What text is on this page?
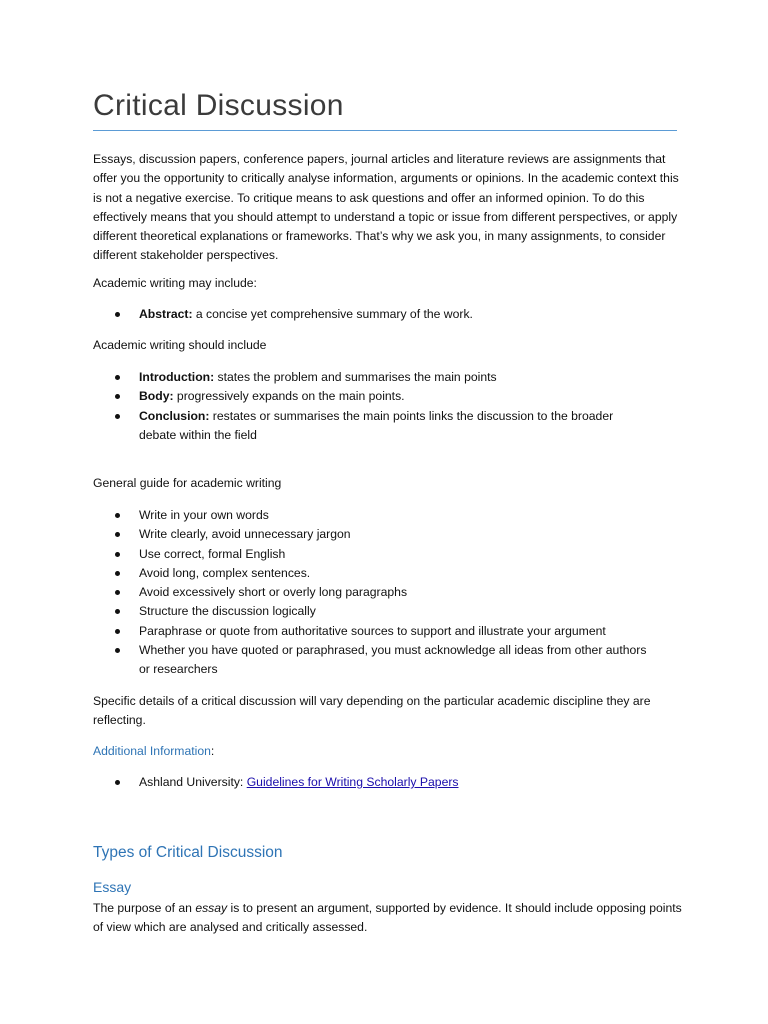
Critical Discussion

Essays, discussion papers, conference papers, journal articles and literature reviews are assignments that offer you the opportunity to critically analyse information, arguments or opinions. In the academic context this is not a negative exercise. To critique means to ask questions and offer an informed opinion. To do this effectively means that you should attempt to understand a topic or issue from different perspectives, or apply different theoretical explanations or frameworks. That’s why we ask you, in many assignments, to consider different stakeholder perspectives.

Academic writing may include:

Abstract: a concise yet comprehensive summary of the work.

Academic writing should include

Introduction: states the problem and summarises the main points
Body: progressively expands on the main points.
Conclusion: restates or summarises the main points links the discussion to the broader debate within the field

General guide for academic writing

Write in your own words
Write clearly, avoid unnecessary jargon
Use correct, formal English
Avoid long, complex sentences.
Avoid excessively short or overly long paragraphs
Structure the discussion logically
Paraphrase or quote from authoritative sources to support and illustrate your argument
Whether you have quoted or paraphrased, you must acknowledge all ideas from other authors or researchers

Specific details of a critical discussion will vary depending on the particular academic discipline they are reflecting.

Additional Information:

Ashland University: Guidelines for Writing Scholarly Papers
Types of Critical Discussion
Essay

The purpose of an essay is to present an argument, supported by evidence. It should include opposing points of view which are analysed and critically assessed.
